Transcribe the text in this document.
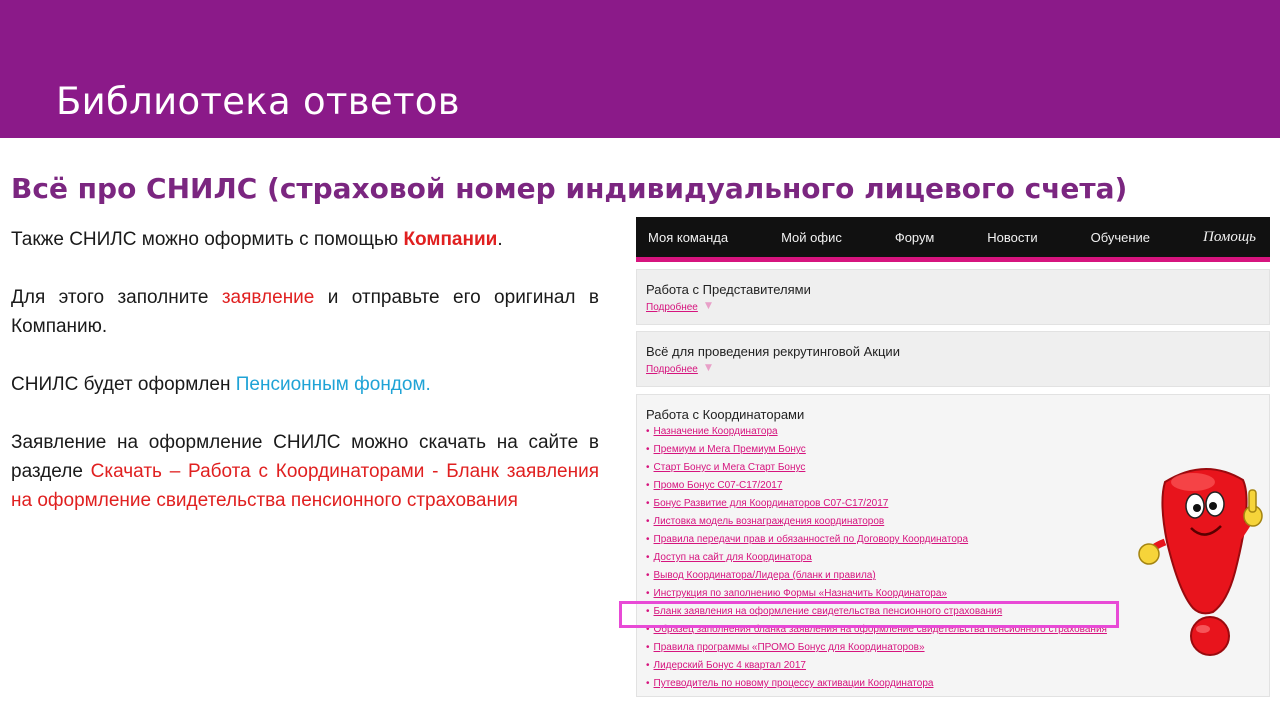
Библиотека ответов
Всё про СНИЛС (страховой номер индивидуального лицевого счета)

Также СНИЛС можно оформить с помощью Компании.

Для этого заполните заявление и отправьте его оригинал в Компанию.

СНИЛС будет оформлен Пенсионным фондом.

Заявление на оформление СНИЛС можно скачать на сайте в разделе Скачать – Работа с Координаторами - Бланк заявления на оформление свидетельства пенсионного страхования

Моя команда	Мой офис	Форум	Новости	Обучение	Помощь
Работа с Представителями
Подробнее ▼
Всё для проведения рекрутинговой Акции
Подробнее ▼
Работа с Координаторами
• Назначение Координатора
• Премиум и Мега Премиум Бонус
• Старт Бонус и Мега Старт Бонус
• Промо Бонус С07-С17/2017
• Бонус Развитие для Координаторов С07-С17/2017
• Листовка модель вознаграждения координаторов
• Правила передачи прав и обязанностей по Договору Координатора
• Доступ на сайт для Координатора
• Вывод Координатора/Лидера (бланк и правила)
• Инструкция по заполнению Формы «Назначить Координатора»
• Бланк заявления на оформление свидетельства пенсионного страхования
• Образец заполнения бланка заявления на оформление свидетельства пенсионного страхования
• Правила программы «ПРОМО Бонус для Координаторов»
• Лидерский Бонус 4 квартал 2017
• Путеводитель по новому процессу активации Координатора
